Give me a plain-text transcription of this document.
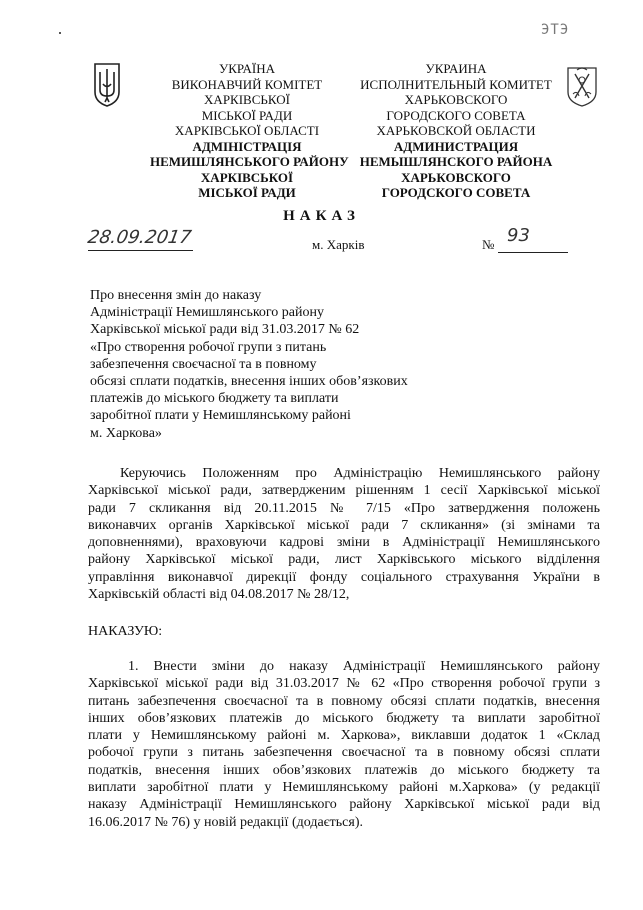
ЭТЭ
УКРАЇНА
ВИКОНАВЧИЙ КОМІТЕТ
ХАРКІВСЬКОЇ
МІСЬКОЇ РАДИ
ХАРКІВСЬКОЇ ОБЛАСТІ
АДМІНІСТРАЦІЯ
НЕМИШЛЯНСЬКОГО РАЙОНУ
ХАРКІВСЬКОЇ
МІСЬКОЇ РАДИ
УКРАИНА
ИСПОЛНИТЕЛЬНЫЙ КОМИТЕТ
ХАРЬКОВСКОГО
ГОРОДСКОГО СОВЕТА
ХАРЬКОВСКОЙ ОБЛАСТИ
АДМИНИСТРАЦИЯ
НЕМЫШЛЯНСКОГО РАЙОНА
ХАРЬКОВСКОГО
ГОРОДСКОГО СОВЕТА
НАКАЗ
28.09.2017	м. Харків	№ 93
Про внесення змін до наказу
Адміністрації Немишлянського району
Харківської міської ради від 31.03.2017 № 62
«Про створення робочої групи з питань
забезпечення своєчасної та в повному
обсязі сплати податків, внесення інших обов’язкових
платежів до міського бюджету та виплати
заробітної плати у Немишлянському районі
м. Харкова»
Керуючись Положенням про Адміністрацію Немишлянського району
Харківської міської ради, затвердженим рішенням 1 сесії Харківської міської
ради 7 скликання від 20.11.2015 № 7/15 «Про затвердження положень
виконавчих органів Харківської міської ради 7 скликання» (зі змінами та
доповненнями), враховуючи кадрові зміни в Адміністрації Немишлянського
району Харківської міської ради, лист Харківського міського відділення
управління виконавчої дирекції фонду соціального страхування України в
Харківській області від 04.08.2017 № 28/12,
НАКАЗУЮ:
1. Внести зміни до наказу Адміністрації Немишлянського району
Харківської міської ради від 31.03.2017 № 62 «Про створення робочої групи з
питань забезпечення своєчасної та в повному обсязі сплати податків, внесення
інших обов’язкових платежів до міського бюджету та виплати заробітної
плати у Немишлянському районі м. Харкова», виклавши додаток 1 «Склад
робочої групи з питань забезпечення своєчасної та в повному обсязі сплати
податків, внесення інших обов’язкових платежів до міського бюджету та
виплати заробітної плати у Немишлянському районі м.Харкова» (у редакції
наказу Адміністрації Немишлянського району Харківської міської ради від
16.06.2017 № 76) у новій редакції (додається).
